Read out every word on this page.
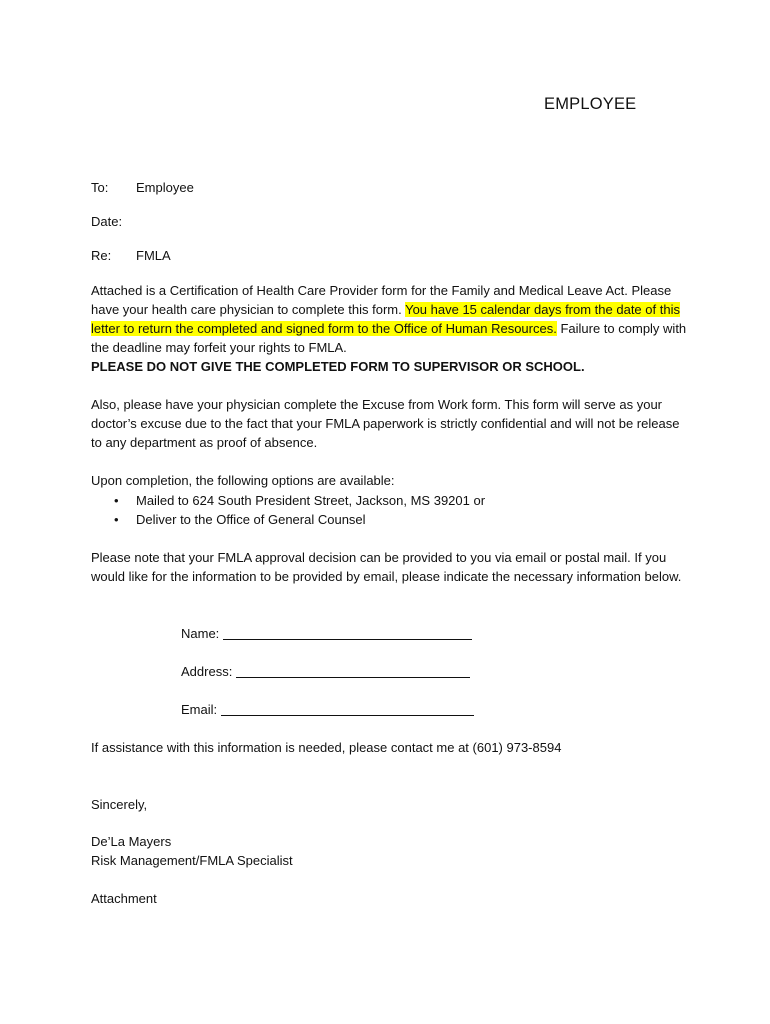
EMPLOYEE
To: Employee
Date:
Re: FMLA
Attached is a Certification of Health Care Provider form for the Family and Medical Leave Act. Please have your health care physician to complete this form. You have 15 calendar days from the date of this letter to return the completed and signed form to the Office of Human Resources. Failure to comply with the deadline may forfeit your rights to FMLA.
PLEASE DO NOT GIVE THE COMPLETED FORM TO SUPERVISOR OR SCHOOL.
Also, please have your physician complete the Excuse from Work form. This form will serve as your doctor’s excuse due to the fact that your FMLA paperwork is strictly confidential and will not be release to any department as proof of absence.
Upon completion, the following options are available:
• Mailed to 624 South President Street, Jackson, MS 39201 or
• Deliver to the Office of General Counsel
Please note that your FMLA approval decision can be provided to you via email or postal mail. If you would like for the information to be provided by email, please indicate the necessary information below.
Name:
Address:
Email:
If assistance with this information is needed, please contact me at (601) 973-8594
Sincerely,
De’La Mayers
Risk Management/FMLA Specialist
Attachment
